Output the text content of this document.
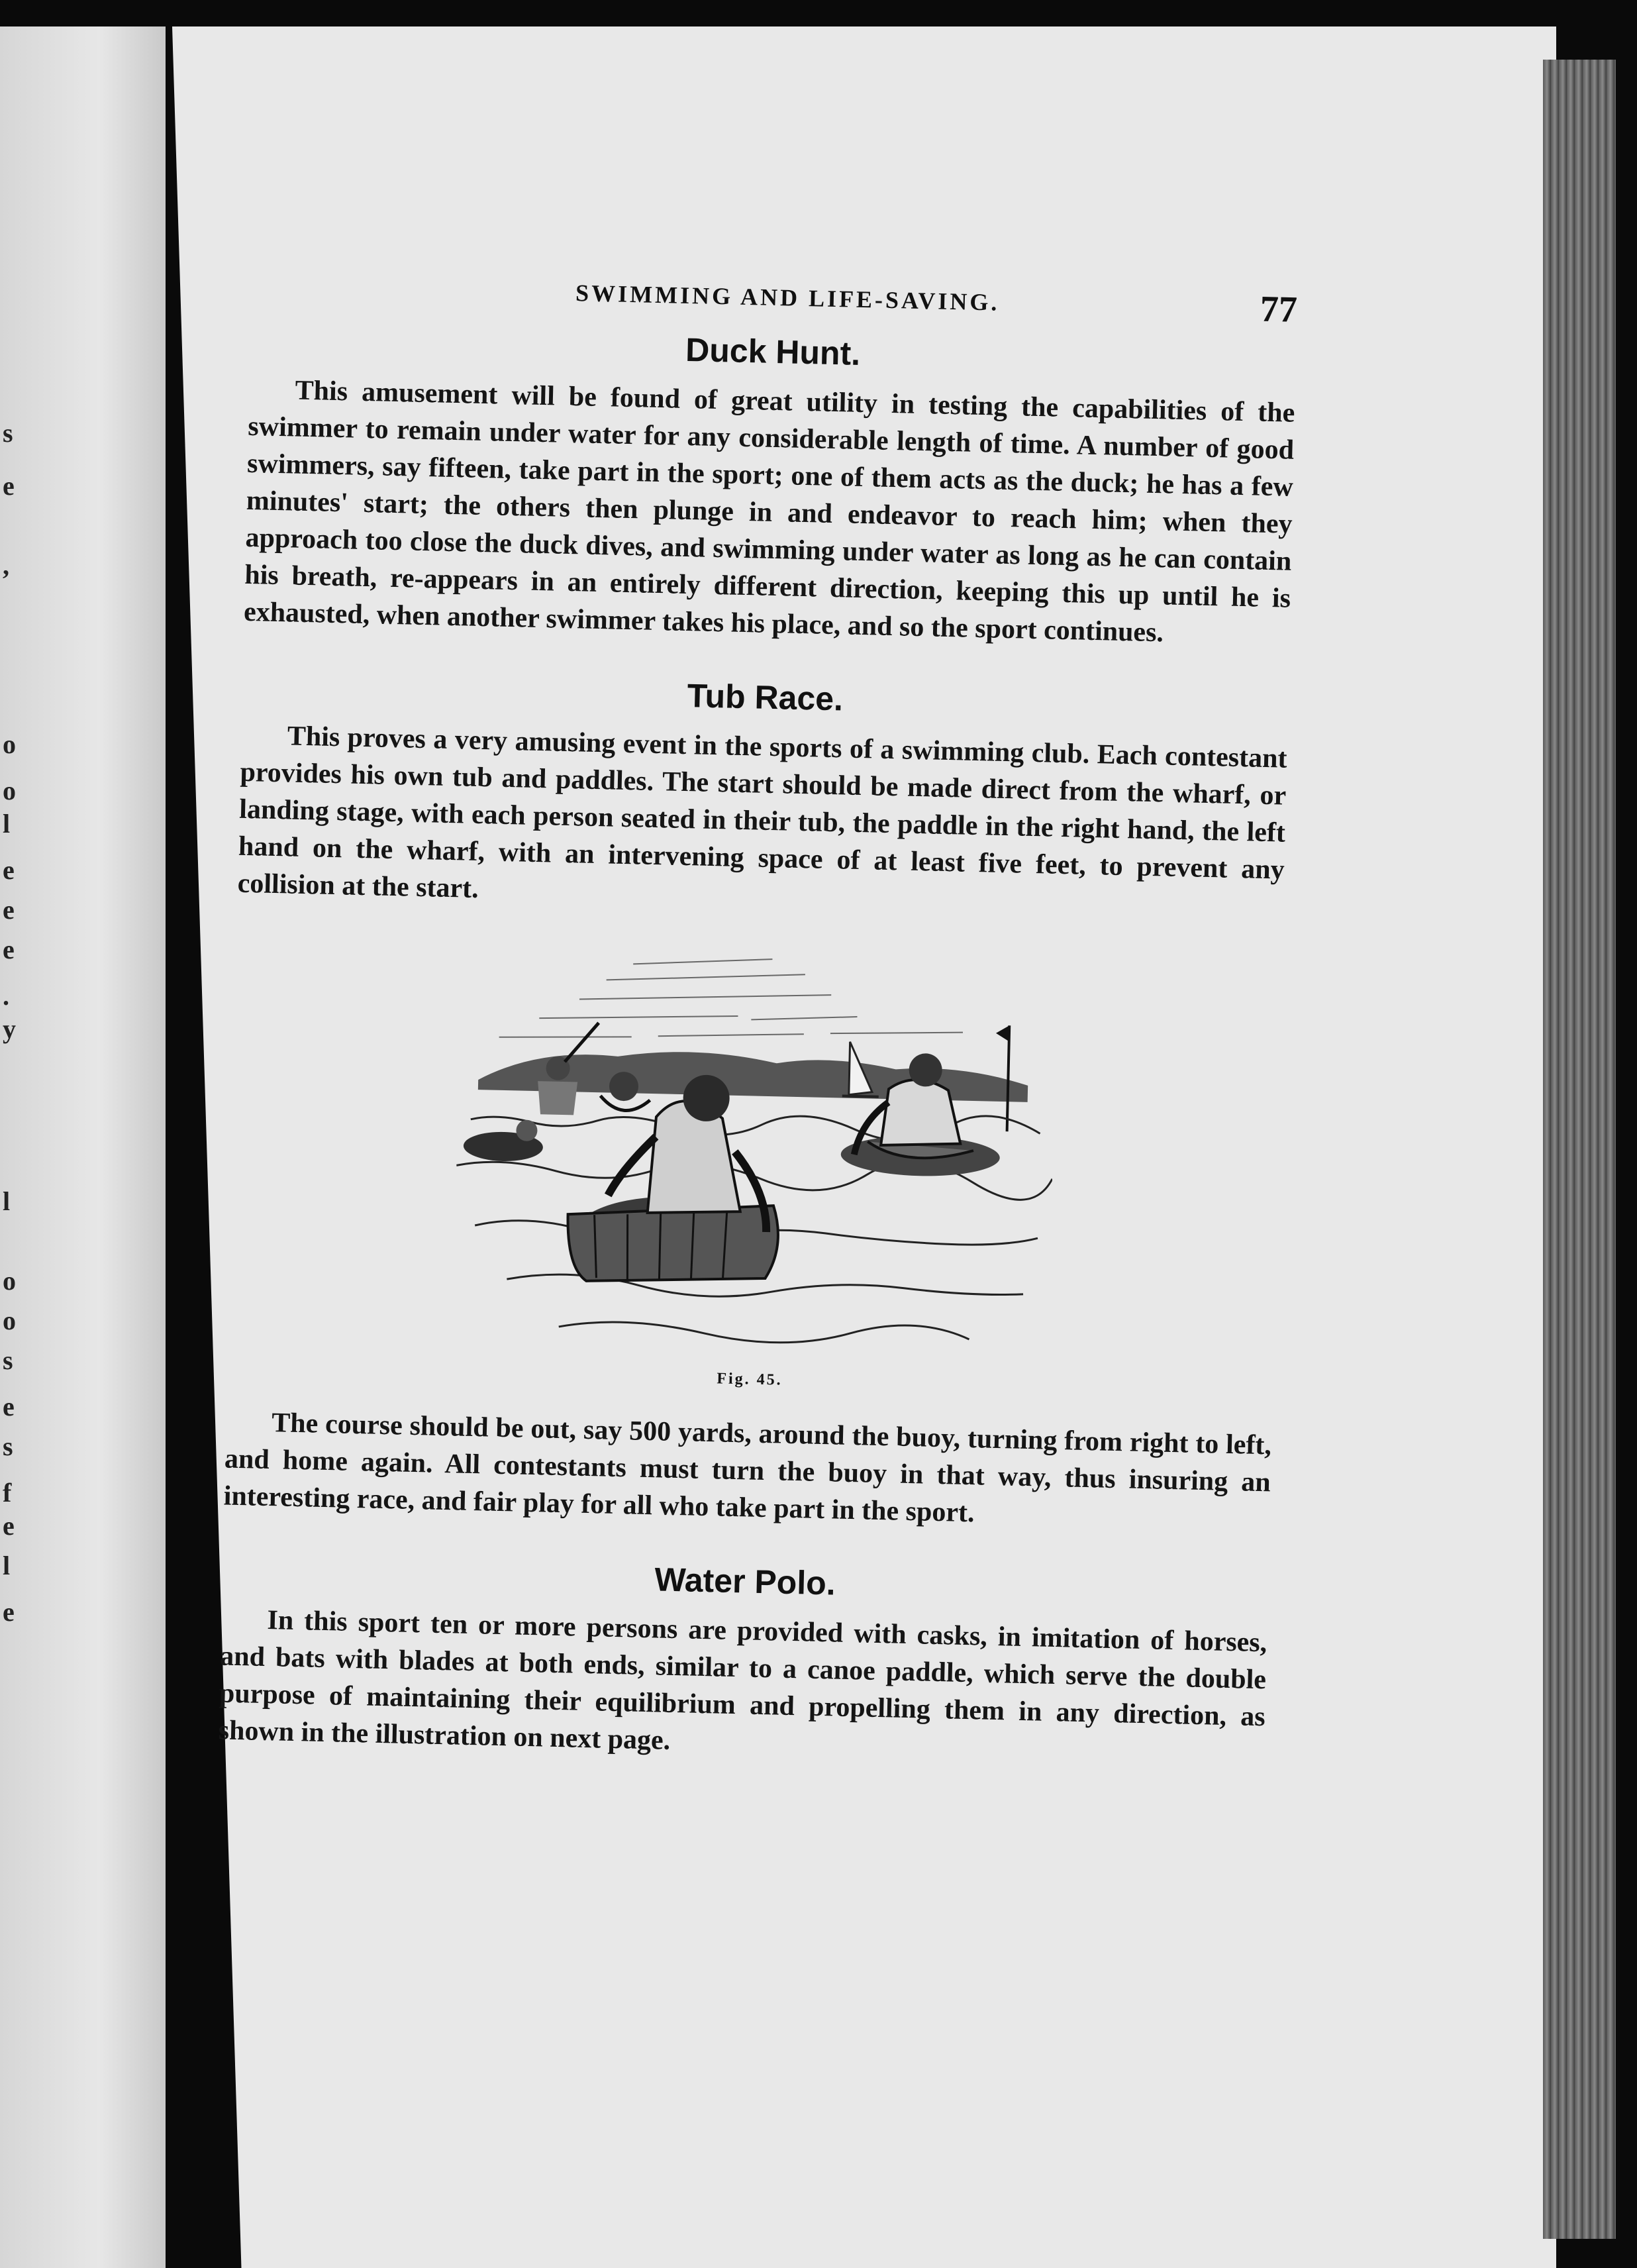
s
e
,
o
o
l
e
e
e
.
y
l
o
o
s
e
s
f
e
l
e
SWIMMING AND LIFE-SAVING.	77
Duck Hunt.

This amusement will be found of great utility in testing the capabilities of the swimmer to remain under water for any considerable length of time. A number of good swimmers, say fifteen, take part in the sport; one of them acts as the duck; he has a few minutes' start; the others then plunge in and endeavor to reach him; when they approach too close the duck dives, and swimming under water as long as he can contain his breath, re-appears in an entirely different direction, keeping this up until he is exhausted, when another swimmer takes his place, and so the sport continues.

Tub Race.

This proves a very amusing event in the sports of a swimming club. Each contestant provides his own tub and paddles. The start should be made direct from the wharf, or landing stage, with each person seated in their tub, the paddle in the right hand, the left hand on the wharf, with an intervening space of at least five feet, to prevent any collision at the start.

Fig. 45.

The course should be out, say 500 yards, around the buoy, turning from right to left, and home again. All contestants must turn the buoy in that way, thus insuring an interesting race, and fair play for all who take part in the sport.

Water Polo.

In this sport ten or more persons are provided with casks, in imitation of horses, and bats with blades at both ends, similar to a canoe paddle, which serve the double purpose of maintaining their equilibrium and propelling them in any direction, as shown in the illustration on next page.
